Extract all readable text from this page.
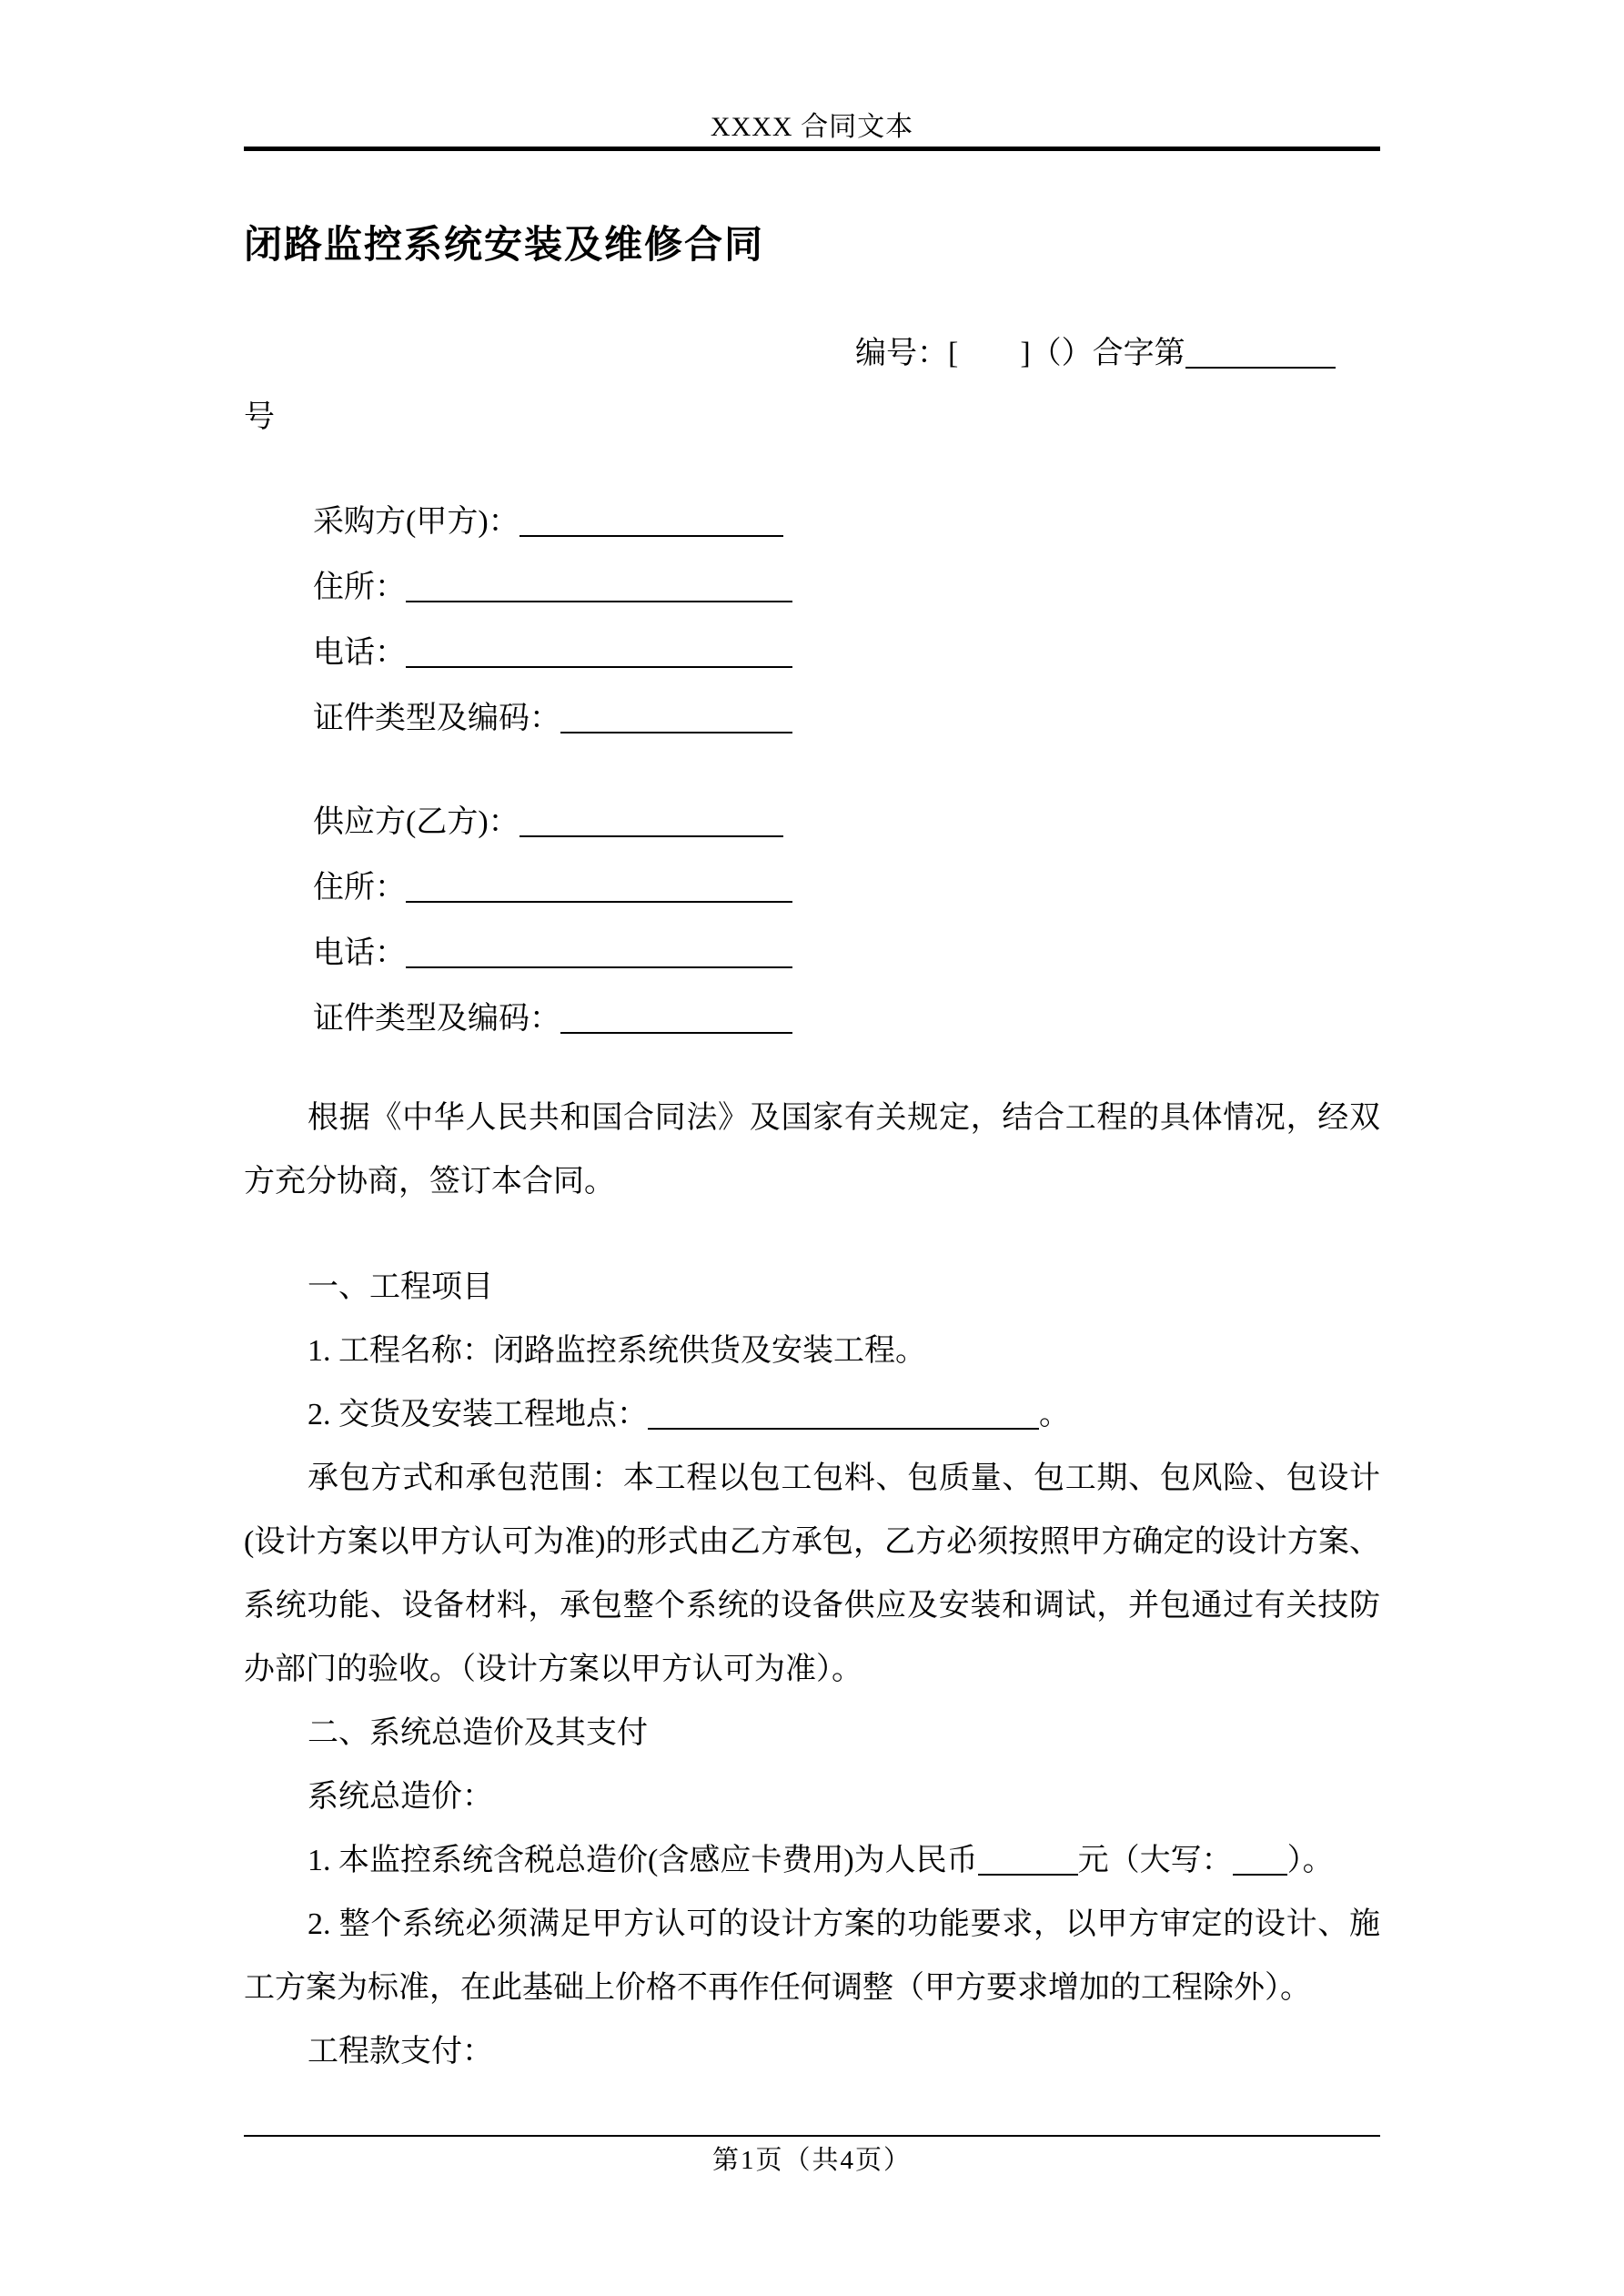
XXXX 合同文本
闭路监控系统安装及维修合同
编号：[　　]（）合字第
号
采购方(甲方)：
住所：
电话：
证件类型及编码：
供应方(乙方)：
住所：
电话：
证件类型及编码：

根据《中华人民共和国合同法》及国家有关规定，结合工程的具体情况，经双方充分协商，签订本合同。

一、工程项目

1. 工程名称：闭路监控系统供货及安装工程。

2. 交货及安装工程地点：	。

承包方式和承包范围：本工程以包工包料、包质量、包工期、包风险、包设计(设计方案以甲方认可为准)的形式由乙方承包，乙方必须按照甲方确定的设计方案、系统功能、设备材料，承包整个系统的设备供应及安装和调试，并包通过有关技防办部门的验收。（设计方案以甲方认可为准）。

二、系统总造价及其支付

系统总造价：

1. 本监控系统含税总造价(含感应卡费用)为人民币	元（大写： ）。

2. 整个系统必须满足甲方认可的设计方案的功能要求，以甲方审定的设计、施工方案为标准，在此基础上价格不再作任何调整（甲方要求增加的工程除外）。

工程款支付：

第1页（共4页）
